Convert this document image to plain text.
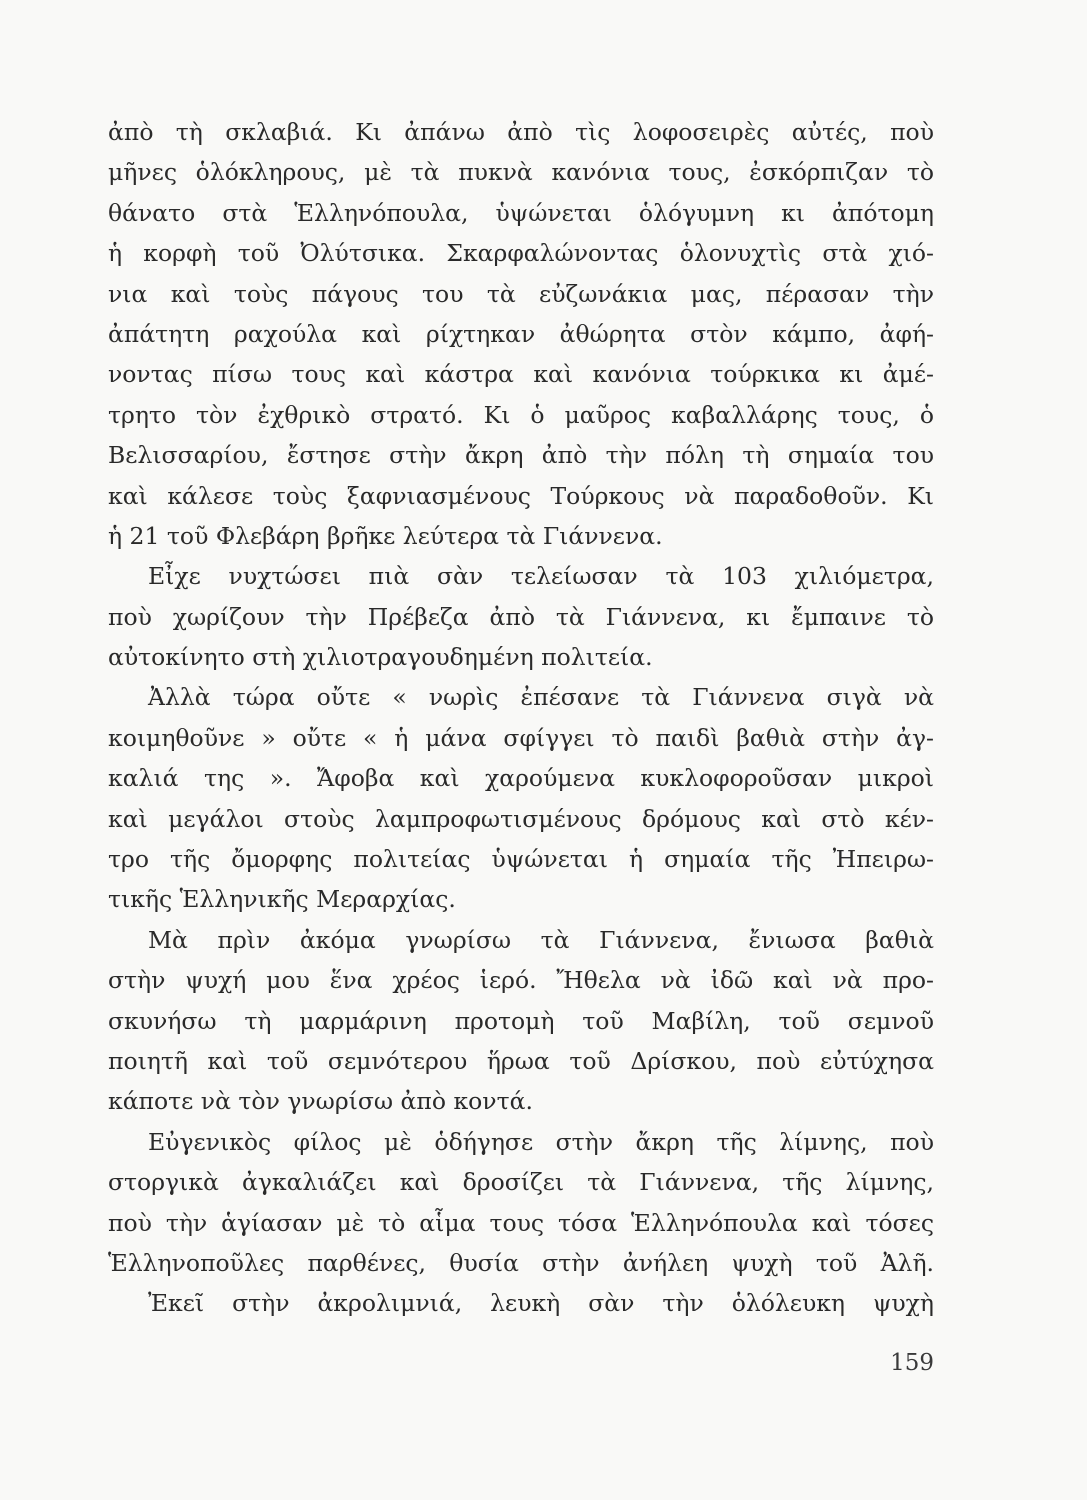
ἀπὸ τὴ σκλαβιά. Κι ἀπάνω ἀπὸ τὶς λοφοσειρὲς αὐτές, ποὺ
μῆνες ὁλόκληρους, μὲ τὰ πυκνὰ κανόνια τους, ἐσκόρπιζαν τὸ
θάνατο στὰ Ἑλληνόπουλα, ὑψώνεται ὁλόγυμνη κι ἀπότομη
ἡ κορφὴ τοῦ Ὀλύτσικα. Σκαρφαλώνοντας ὁλονυχτὶς στὰ χιό-
νια καὶ τοὺς πάγους του τὰ εὐζωνάκια μας, πέρασαν τὴν
ἀπάτητη ραχούλα καὶ ρίχτηκαν ἀθώρητα στὸν κάμπο, ἀφή-
νοντας πίσω τους καὶ κάστρα καὶ κανόνια τούρκικα κι ἀμέ-
τρητο τὸν ἐχθρικὸ στρατό. Κι ὁ μαῦρος καβαλλάρης τους, ὁ
Βελισσαρίου, ἔστησε στὴν ἄκρη ἀπὸ τὴν πόλη τὴ σημαία του
καὶ κάλεσε τοὺς ξαφνιασμένους Τούρκους νὰ παραδοθοῦν. Κι
ἡ 21 τοῦ Φλεβάρη βρῆκε λεύτερα τὰ Γιάννενα.
Εἶχε νυχτώσει πιὰ σὰν τελείωσαν τὰ 103 χιλιόμετρα,
ποὺ χωρίζουν τὴν Πρέβεζα ἀπὸ τὰ Γιάννενα, κι ἔμπαινε τὸ
αὐτοκίνητο στὴ χιλιοτραγουδημένη πολιτεία.
Ἀλλὰ τώρα οὔτε « νωρὶς ἐπέσανε τὰ Γιάννενα σιγὰ νὰ
κοιμηθοῦνε » οὔτε « ἡ μάνα σφίγγει τὸ παιδὶ βαθιὰ στὴν ἀγ-
καλιά της ». Ἄφοβα καὶ χαρούμενα κυκλοφοροῦσαν μικροὶ
καὶ μεγάλοι στοὺς λαμπροφωτισμένους δρόμους καὶ στὸ κέν-
τρο τῆς ὄμορφης πολιτείας ὑψώνεται ἡ σημαία τῆς Ἠπειρω-
τικῆς Ἑλληνικῆς Μεραρχίας.
Μὰ πρὶν ἀκόμα γνωρίσω τὰ Γιάννενα, ἔνιωσα βαθιὰ
στὴν ψυχή μου ἕνα χρέος ἱερό. Ἤθελα νὰ ἰδῶ καὶ νὰ προ-
σκυνήσω τὴ μαρμάρινη προτομὴ τοῦ Μαβίλη, τοῦ σεμνοῦ
ποιητῆ καὶ τοῦ σεμνότερου ἥρωα τοῦ Δρίσκου, ποὺ εὐτύχησα
κάποτε νὰ τὸν γνωρίσω ἀπὸ κοντά.
Εὐγενικὸς φίλος μὲ ὁδήγησε στὴν ἄκρη τῆς λίμνης, ποὺ
στοργικὰ ἀγκαλιάζει καὶ δροσίζει τὰ Γιάννενα, τῆς λίμνης,
ποὺ τὴν ἁγίασαν μὲ τὸ αἷμα τους τόσα Ἑλληνόπουλα καὶ τόσες
Ἑλληνοποῦλες παρθένες, θυσία στὴν ἀνήλεη ψυχὴ τοῦ Ἀλῆ.
Ἐκεῖ στὴν ἀκρολιμνιά, λευκὴ σὰν τὴν ὁλόλευκη ψυχὴ
159
